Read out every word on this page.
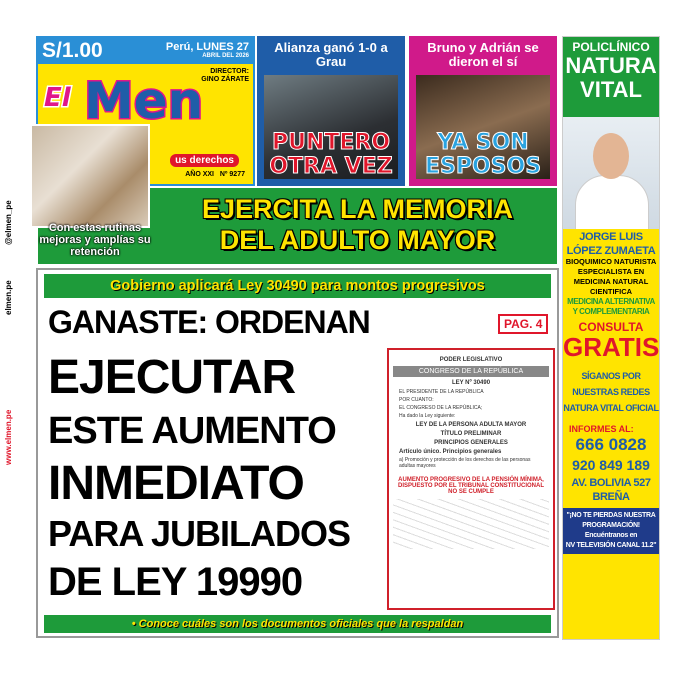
@elmen_pe
elmen.pe
www.elmen.pe
S/1.00	Perú, LUNES 27
ABRIL DEL 2026
DIRECTOR:
GINO ZÁRATE
Men
El
us derechos
AÑO XXI Nº 9277
Alianza ganó 1-0 a Grau
PUNTERO
OTRA VEZ
Bruno y Adrián se dieron el sí
YA SON
ESPOSOS
EJERCITA LA MEMORIA
DEL ADULTO MAYOR
Con estas rutinas mejoras y amplías su retención
Gobierno aplicará Ley 30490 para montos progresivos
GANASTE: ORDENAN
EJECUTAR
ESTE AUMENTO
INMEDIATO
PARA JUBILADOS
DE LEY 19990
PAG. 4
PODER LEGISLATIVO
CONGRESO DE LA REPÚBLICA
LEY Nº 30490
EL PRESIDENTE DE LA REPÚBLICA
POR CUANTO:
EL CONGRESO DE LA REPÚBLICA;
Ha dado la Ley siguiente:
LEY DE LA PERSONA ADULTA MAYOR
TÍTULO PRELIMINAR
PRINCIPIOS GENERALES
Artículo único. Principios generales
a) Promoción y protección de los derechos de las personas adultas mayores
AUMENTO PROGRESIVO DE LA PENSIÓN MÍNIMA, DISPUESTO POR EL TRIBUNAL CONSTITUCIONAL NO SE CUMPLE
• Conoce cuáles son los documentos oficiales que la respaldan
POLICLÍNICO
NATURA
VITAL
JORGE LUIS
LÓPEZ ZUMAETA
BIOQUIMICO NATURISTA
ESPECIALISTA EN
MEDICINA NATURAL
CIENTIFICA
MEDICINA ALTERNATIVA
Y COMPLEMENTARIA
CONSULTA
GRATIS
SÍGANOS POR
NUESTRAS REDES
NATURA VITAL OFICIAL
INFORMES AL:
666 0828
920 849 189
AV. BOLIVIA 527
BREÑA
"¡NO TE PIERDAS NUESTRA
PROGRAMACIÓN!
Encuéntranos en
NV TELEVISIÓN CANAL 11.2"
